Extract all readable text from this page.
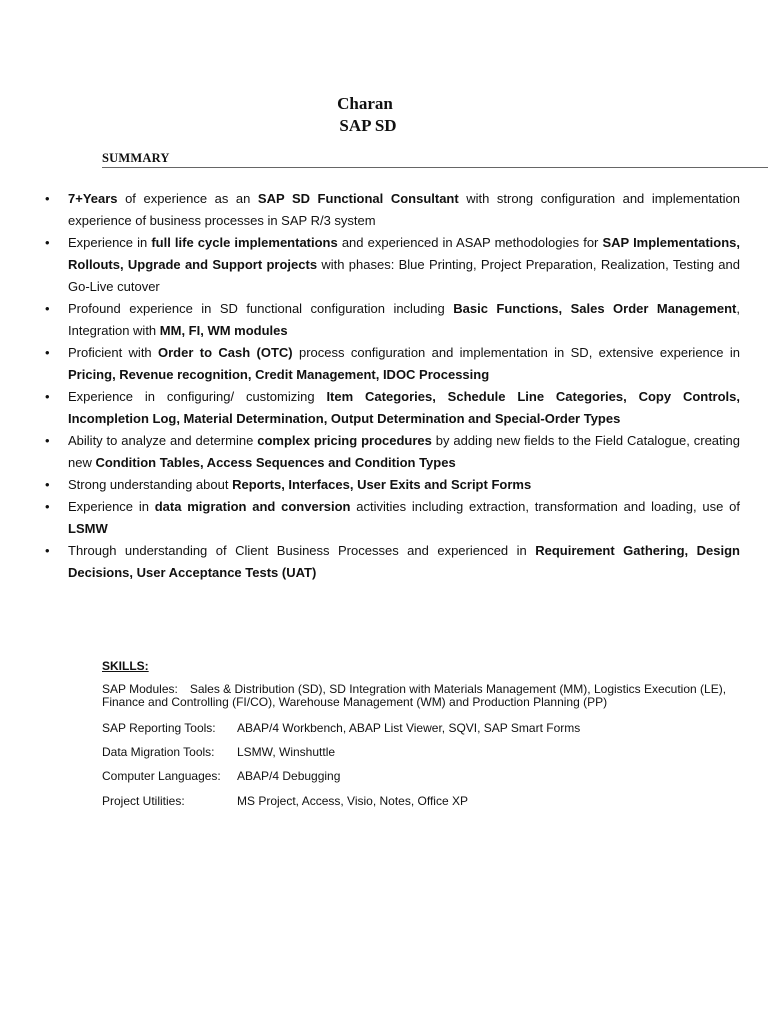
Charan
SAP SD
SUMMARY
• 7+Years of experience as an SAP SD Functional Consultant with strong configuration and implementation experience of business processes in SAP R/3 system
• Experience in full life cycle implementations and experienced in ASAP methodologies for SAP Implementations, Rollouts, Upgrade and Support projects with phases: Blue Printing, Project Preparation, Realization, Testing and Go-Live cutover
• Profound experience in SD functional configuration including Basic Functions, Sales Order Management, Integration with MM, FI, WM modules
• Proficient with Order to Cash (OTC) process configuration and implementation in SD, extensive experience in Pricing, Revenue recognition, Credit Management, IDOC Processing
• Experience in configuring/ customizing Item Categories, Schedule Line Categories, Copy Controls, Incompletion Log, Material Determination, Output Determination and Special-Order Types
• Ability to analyze and determine complex pricing procedures by adding new fields to the Field Catalogue, creating new Condition Tables, Access Sequences and Condition Types
• Strong understanding about Reports, Interfaces, User Exits and Script Forms
• Experience in data migration and conversion activities including extraction, transformation and loading, use of LSMW
• Through understanding of Client Business Processes and experienced in Requirement Gathering, Design Decisions, User Acceptance Tests (UAT)
SKILLS:
SAP Modules: Sales & Distribution (SD), SD Integration with Materials Management (MM), Logistics Execution (LE), Finance and Controlling (FI/CO), Warehouse Management (WM) and Production Planning (PP)
SAP Reporting Tools: ABAP/4 Workbench, ABAP List Viewer, SQVI, SAP Smart Forms
Data Migration Tools: LSMW, Winshuttle
Computer Languages: ABAP/4 Debugging
Project Utilities:	MS Project, Access, Visio, Notes, Office XP
